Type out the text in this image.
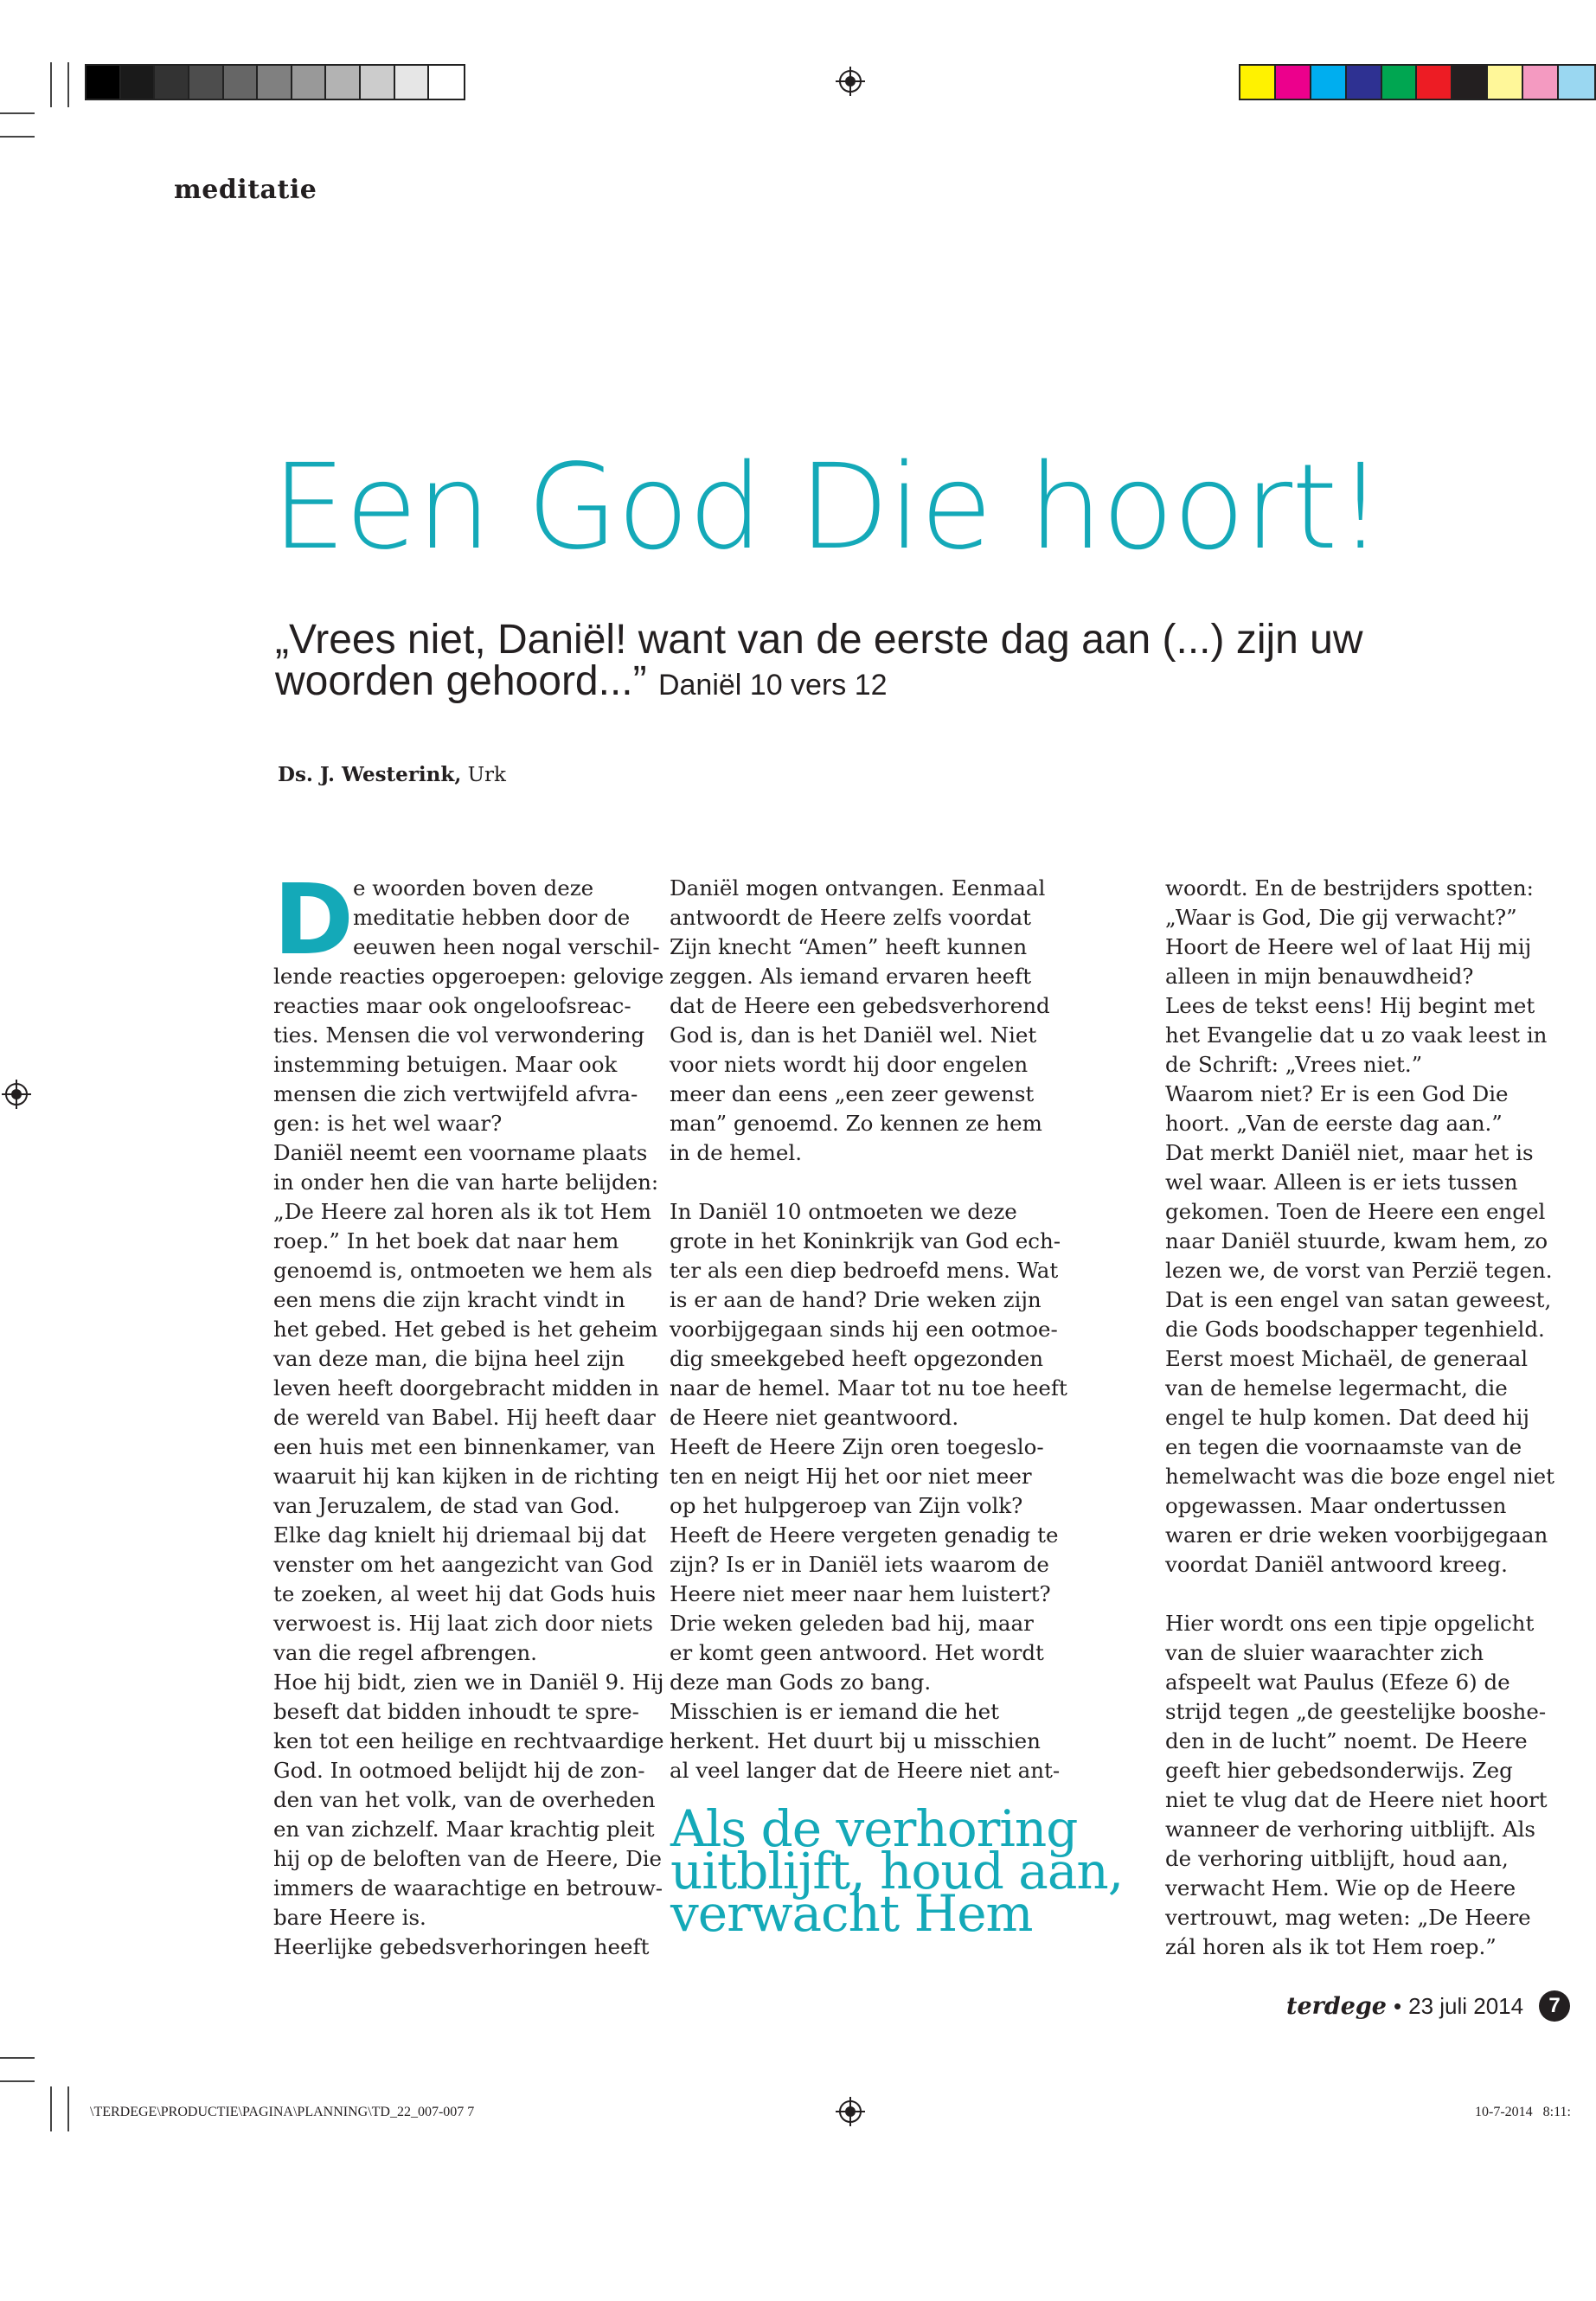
meditatie
Een God Die hoort!
„Vrees niet, Daniël! want van de eerste dag aan (...) zijn uw
woorden gehoord...” Daniël 10 vers 12
Ds. J. Westerink, Urk
D e woorden boven deze

meditatie hebben door de

eeuwen heen nogal verschil-

lende reacties opgeroepen: gelovige

reacties maar ook ongeloofsreac-

ties. Mensen die vol verwondering

instemming betuigen. Maar ook

mensen die zich vertwijfeld afvra-

gen: is het wel waar?

Daniël neemt een voorname plaats

in onder hen die van harte belijden:

„De Heere zal horen als ik tot Hem

roep.” In het boek dat naar hem

genoemd is, ontmoeten we hem als

een mens die zijn kracht vindt in

het gebed. Het gebed is het geheim

van deze man, die bijna heel zijn

leven heeft doorgebracht midden in

de wereld van Babel. Hij heeft daar

een huis met een binnenkamer, van

waaruit hij kan kijken in de richting

van Jeruzalem, de stad van God.

Elke dag knielt hij driemaal bij dat

venster om het aangezicht van God

te zoeken, al weet hij dat Gods huis

verwoest is. Hij laat zich door niets

van die regel afbrengen.

Hoe hij bidt, zien we in Daniël 9. Hij

beseft dat bidden inhoudt te spre-

ken tot een heilige en rechtvaardige

God. In ootmoed belijdt hij de zon-

den van het volk, van de overheden

en van zichzelf. Maar krachtig pleit

hij op de beloften van de Heere, Die

immers de waarachtige en betrouw-

bare Heere is.

Heerlijke gebedsverhoringen heeft

Daniël mogen ontvangen. Eenmaal

antwoordt de Heere zelfs voordat

Zijn knecht “Amen” heeft kunnen

zeggen. Als iemand ervaren heeft

dat de Heere een gebedsverhorend

God is, dan is het Daniël wel. Niet

voor niets wordt hij door engelen

meer dan eens „een zeer gewenst

man” genoemd. Zo kennen ze hem

in de hemel.

In Daniël 10 ontmoeten we deze

grote in het Koninkrijk van God ech-

ter als een diep bedroefd mens. Wat

is er aan de hand? Drie weken zijn

voorbijgegaan sinds hij een ootmoe-

dig smeekgebed heeft opgezonden

naar de hemel. Maar tot nu toe heeft

de Heere niet geantwoord.

Heeft de Heere Zijn oren toegeslo-

ten en neigt Hij het oor niet meer

op het hulpgeroep van Zijn volk?

Heeft de Heere vergeten genadig te

zijn? Is er in Daniël iets waarom de

Heere niet meer naar hem luistert?

Drie weken geleden bad hij, maar

er komt geen antwoord. Het wordt

deze man Gods zo bang.

Misschien is er iemand die het

herkent. Het duurt bij u misschien

al veel langer dat de Heere niet ant-

woordt. En de bestrijders spotten:

„Waar is God, Die gij verwacht?”

Hoort de Heere wel of laat Hij mij

alleen in mijn benauwdheid?

Lees de tekst eens! Hij begint met

het Evangelie dat u zo vaak leest in

de Schrift: „Vrees niet.”

Waarom niet? Er is een God Die

hoort. „Van de eerste dag aan.”

Dat merkt Daniël niet, maar het is

wel waar. Alleen is er iets tussen

gekomen. Toen de Heere een engel

naar Daniël stuurde, kwam hem, zo

lezen we, de vorst van Perzië tegen.

Dat is een engel van satan geweest,

die Gods boodschapper tegenhield.

Eerst moest Michaël, de generaal

van de hemelse legermacht, die

engel te hulp komen. Dat deed hij

en tegen die voornaamste van de

hemelwacht was die boze engel niet

opgewassen. Maar ondertussen

waren er drie weken voorbijgegaan

voordat Daniël antwoord kreeg.

Hier wordt ons een tipje opgelicht

van de sluier waarachter zich

afspeelt wat Paulus (Efeze 6) de

strijd tegen „de geestelijke booshe-

den in de lucht” noemt. De Heere

geeft hier gebedsonderwijs. Zeg

niet te vlug dat de Heere niet hoort

wanneer de verhoring uitblijft. Als

de verhoring uitblijft, houd aan,

verwacht Hem. Wie op de Heere

vertrouwt, mag weten: „De Heere

zál horen als ik tot Hem roep.”

Als de verhoring

uitblijft, houd aan,

verwacht Hem

terdege • 23 juli 2014	7
\TERDEGE\PRODUCTIE\PAGINA\PLANNING\TD_22_007-007 7	10-7-2014   8:11:
